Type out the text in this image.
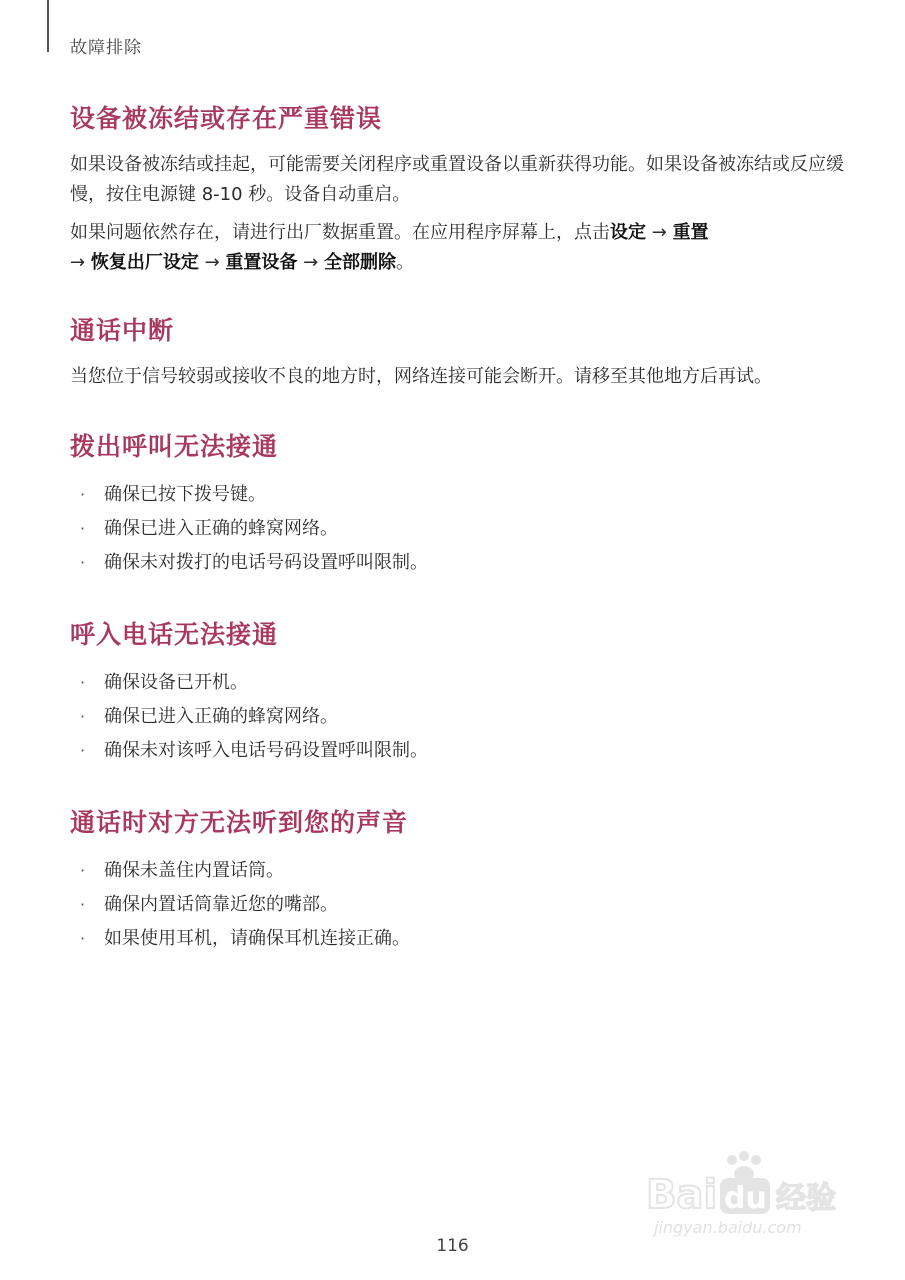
故障排除
设备被冻结或存在严重错误

如果设备被冻结或挂起，可能需要关闭程序或重置设备以重新获得功能。如果设备被冻结或反应缓慢，按住电源键 8-10 秒。设备自动重启。

如果问题依然存在，请进行出厂数据重置。在应用程序屏幕上，点击设定 → 重置
→ 恢复出厂设定 → 重置设备 → 全部删除。

通话中断

当您位于信号较弱或接收不良的地方时，网络连接可能会断开。请移至其他地方后再试。

拨出呼叫无法接通
· 确保已按下拨号键。
· 确保已进入正确的蜂窝网络。
· 确保未对拨打的电话号码设置呼叫限制。
呼入电话无法接通
· 确保设备已开机。
· 确保已进入正确的蜂窝网络。
· 确保未对该呼入电话号码设置呼叫限制。
通话时对方无法听到您的声音
· 确保未盖住内置话筒。
· 确保内置话筒靠近您的嘴部。
· 如果使用耳机，请确保耳机连接正确。
Bai du 经验
jingyan.baidu.com
116
